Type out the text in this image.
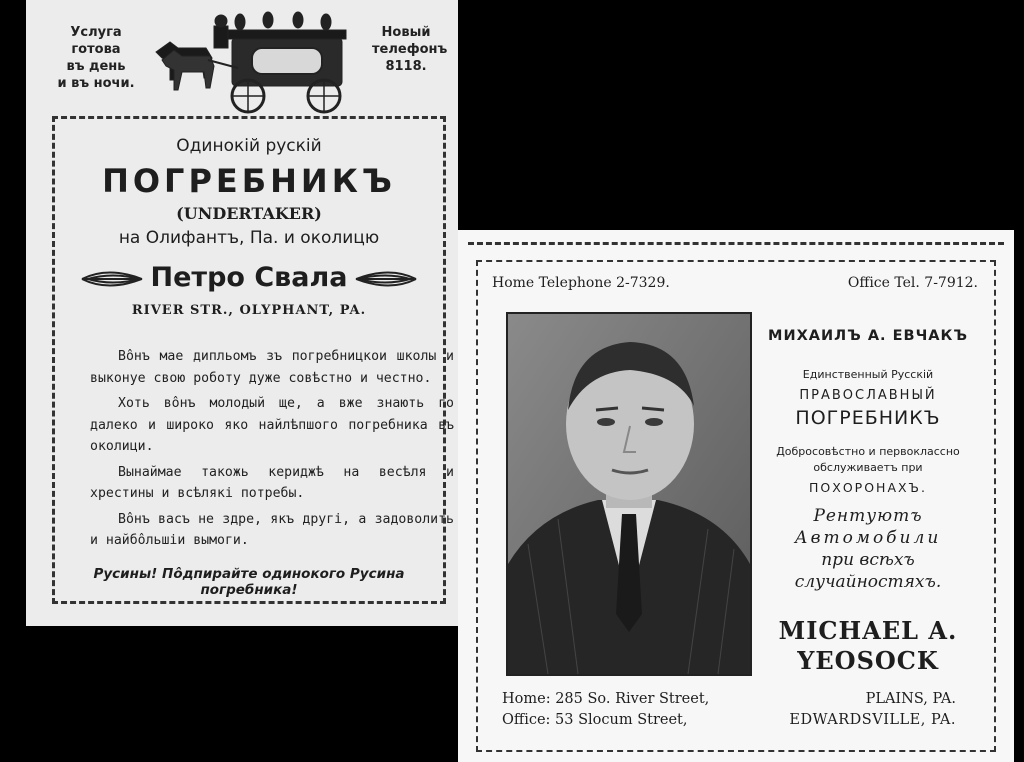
Услуга
готова
въ день
и въ ночи.
Новый
телефонъ
8118.
Одинокій рускій
ПОГРЕБНИКЪ
(UNDERTAKER)
на Олифантъ, Па. и околицю
Петро Свала
RIVER STR., OLYPHANT, PA.

Вôнъ мае дипльомъ зъ погребницкои школы и выконуе свою роботу дуже совѣстно и честно.

Хоть вôнъ молодый ще, а вже знають го далеко и широко яко найлѣпшого погребника въ околици.

Вынаймае такожь кериджѣ на весѣля и хрестины и всѣлякі потребы.

Вôнъ васъ не здре, якъ другі, а задоволить и найбôльшіи вымоги.

Русины! Пôдпирайте одинокого Русина погребника!
Home Telephone 2-7329.	Office Tel. 7-7912.
МИХАИЛЪ А. ЕВЧАКЪ
Единственный Русскій
ПРАВОСЛАВНЫЙ
ПОГРЕБНИКЪ
Добросовѣстно и первоклассно
обслуживаетъ при
ПОХОРОНАХЪ.
Рентуютъ
Автомобили
при всѣхъ
случайностяхъ.
MICHAEL A.
YEOSOCK
Home: 285 So. River Street,
Office: 53 Slocum Street,
PLAINS, PA.
EDWARDSVILLE, PA.
